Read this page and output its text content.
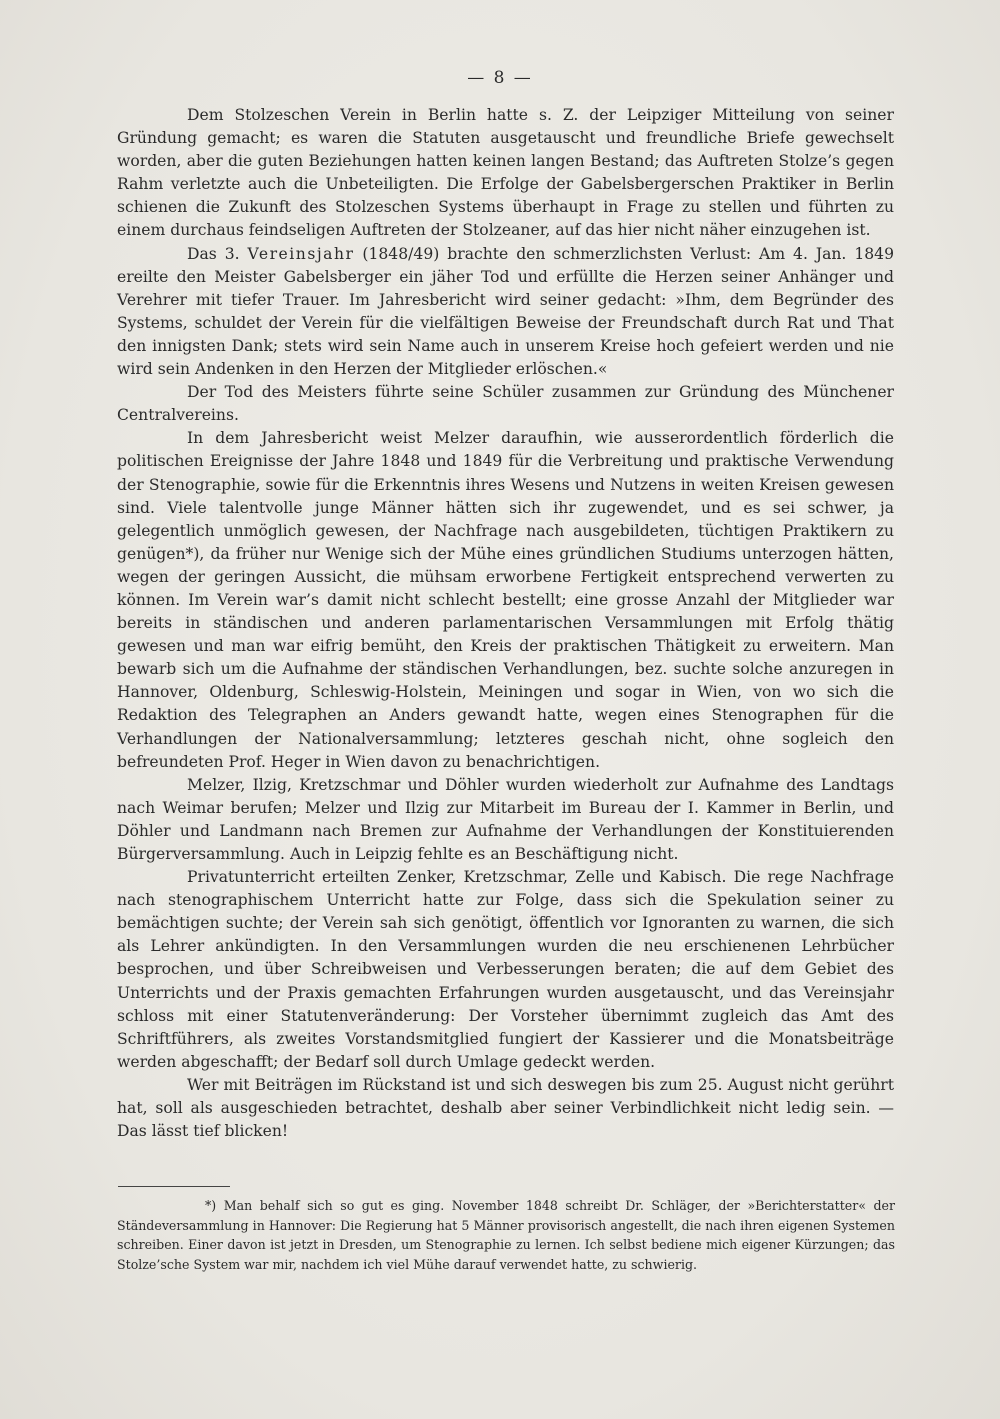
— 8 —

Dem Stolzeschen Verein in Berlin hatte s. Z. der Leipziger Mitteilung von seiner Gründung gemacht; es waren die Statuten ausgetauscht und freundliche Briefe gewechselt worden, aber die guten Beziehungen hatten keinen langen Bestand; das Auftreten Stolze’s gegen Rahm verletzte auch die Unbeteiligten. Die Erfolge der Gabelsbergerschen Praktiker in Berlin schienen die Zukunft des Stolzeschen Systems überhaupt in Frage zu stellen und führten zu einem durchaus feindseligen Auftreten der Stolzeaner, auf das hier nicht näher einzugehen ist.

Das 3. Vereinsjahr (1848/49) brachte den schmerzlichsten Verlust: Am 4. Jan. 1849 ereilte den Meister Gabelsberger ein jäher Tod und erfüllte die Herzen seiner Anhänger und Verehrer mit tiefer Trauer. Im Jahresbericht wird seiner gedacht: »Ihm, dem Begründer des Systems, schuldet der Verein für die vielfältigen Beweise der Freundschaft durch Rat und That den innigsten Dank; stets wird sein Name auch in unserem Kreise hoch gefeiert werden und nie wird sein Andenken in den Herzen der Mitglieder erlöschen.«

Der Tod des Meisters führte seine Schüler zusammen zur Gründung des Münchener Centralvereins.

In dem Jahresbericht weist Melzer daraufhin, wie ausserordentlich förderlich die politischen Ereignisse der Jahre 1848 und 1849 für die Verbreitung und praktische Verwendung der Stenographie, sowie für die Erkenntnis ihres Wesens und Nutzens in weiten Kreisen gewesen sind. Viele talentvolle junge Männer hätten sich ihr zugewendet, und es sei schwer, ja gelegentlich unmöglich gewesen, der Nachfrage nach ausgebildeten, tüchtigen Praktikern zu genügen*), da früher nur Wenige sich der Mühe eines gründlichen Studiums unterzogen hätten, wegen der geringen Aussicht, die mühsam erworbene Fertigkeit entsprechend verwerten zu können. Im Verein war’s damit nicht schlecht bestellt; eine grosse Anzahl der Mitglieder war bereits in ständischen und anderen parlamentarischen Versammlungen mit Erfolg thätig gewesen und man war eifrig bemüht, den Kreis der praktischen Thätigkeit zu erweitern. Man bewarb sich um die Aufnahme der ständischen Verhandlungen, bez. suchte solche anzuregen in Hannover, Oldenburg, Schleswig-Holstein, Meiningen und sogar in Wien, von wo sich die Redaktion des Telegraphen an Anders gewandt hatte, wegen eines Stenographen für die Verhandlungen der Nationalversammlung; letzteres geschah nicht, ohne sogleich den befreundeten Prof. Heger in Wien davon zu benachrichtigen.

Melzer, Ilzig, Kretzschmar und Döhler wurden wiederholt zur Aufnahme des Landtags nach Weimar berufen; Melzer und Ilzig zur Mitarbeit im Bureau der I. Kammer in Berlin, und Döhler und Landmann nach Bremen zur Aufnahme der Verhandlungen der Konstituierenden Bürgerversammlung. Auch in Leipzig fehlte es an Beschäftigung nicht.

Privatunterricht erteilten Zenker, Kretzschmar, Zelle und Kabisch. Die rege Nachfrage nach stenographischem Unterricht hatte zur Folge, dass sich die Spekulation seiner zu bemächtigen suchte; der Verein sah sich genötigt, öffentlich vor Ignoranten zu warnen, die sich als Lehrer ankündigten. In den Versammlungen wurden die neu erschienenen Lehrbücher besprochen, und über Schreibweisen und Verbesserungen beraten; die auf dem Gebiet des Unterrichts und der Praxis gemachten Erfahrungen wurden ausgetauscht, und das Vereinsjahr schloss mit einer Statutenveränderung: Der Vorsteher übernimmt zugleich das Amt des Schriftführers, als zweites Vorstandsmitglied fungiert der Kassierer und die Monatsbeiträge werden abgeschafft; der Bedarf soll durch Umlage gedeckt werden.

Wer mit Beiträgen im Rückstand ist und sich deswegen bis zum 25. August nicht gerührt hat, soll als ausgeschieden betrachtet, deshalb aber seiner Verbindlichkeit nicht ledig sein. — Das lässt tief blicken!

*) Man behalf sich so gut es ging. November 1848 schreibt Dr. Schläger, der »Berichterstatter« der Ständeversammlung in Hannover: Die Regierung hat 5 Männer provisorisch angestellt, die nach ihren eigenen Systemen schreiben. Einer davon ist jetzt in Dresden, um Stenographie zu lernen. Ich selbst bediene mich eigener Kürzungen; das Stolze’sche System war mir, nachdem ich viel Mühe darauf verwendet hatte, zu schwierig.
